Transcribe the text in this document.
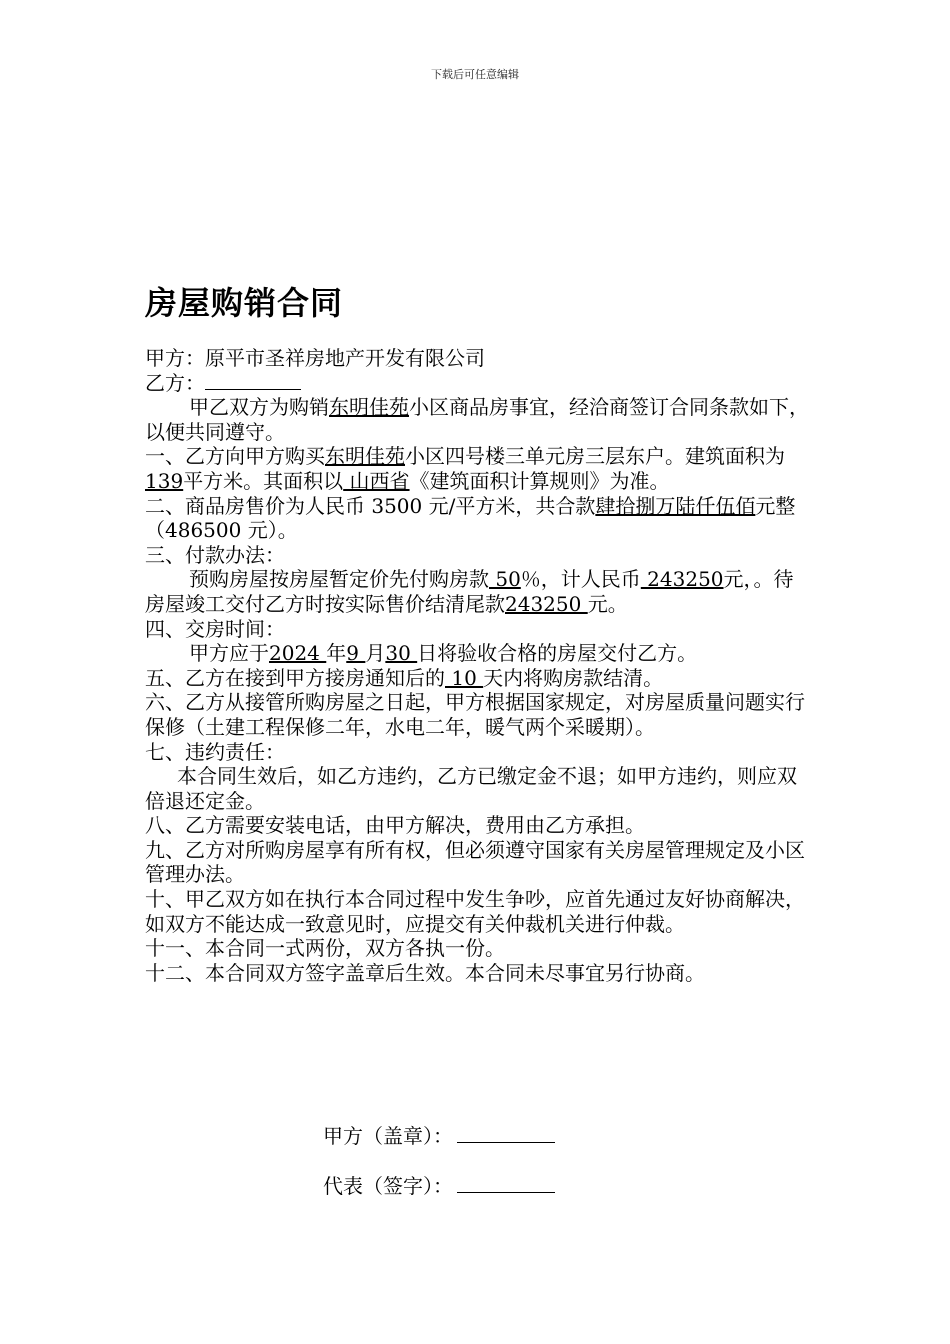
下载后可任意编辑
房屋购销合同

甲方：原平市圣祥房地产开发有限公司

乙方：

甲乙双方为购销东明佳苑小区商品房事宜，经洽商签订合同条款如下，以便共同遵守。

一、乙方向甲方购买东明佳苑小区四号楼三单元房三层东户。建筑面积为139平方米。其面积以 山西省《建筑面积计算规则》为准。

二、商品房售价为人民币 3500 元/平方米，共合款肆拾捌万陆仟伍佰元整（486500 元）。

三、付款办法：

预购房屋按房屋暂定价先付购房款 50％，计人民币 243250元，。待房屋竣工交付乙方时按实际售价结清尾款243250 元。

四、交房时间：

甲方应于2024 年9 月30 日将验收合格的房屋交付乙方。

五、乙方在接到甲方接房通知后的 10 天内将购房款结清。

六、乙方从接管所购房屋之日起，甲方根据国家规定，对房屋质量问题实行保修（土建工程保修二年，水电二年，暖气两个采暖期）。

七、违约责任：

本合同生效后，如乙方违约，乙方已缴定金不退；如甲方违约，则应双倍退还定金。

八、乙方需要安装电话，由甲方解决，费用由乙方承担。

九、乙方对所购房屋享有所有权，但必须遵守国家有关房屋管理规定及小区管理办法。

十、甲乙双方如在执行本合同过程中发生争吵，应首先通过友好协商解决，如双方不能达成一致意见时，应提交有关仲裁机关进行仲裁。

十一、本合同一式两份，双方各执一份。

十二、本合同双方签字盖章后生效。本合同未尽事宜另行协商。

甲方（盖章）：
代表（签字）：
